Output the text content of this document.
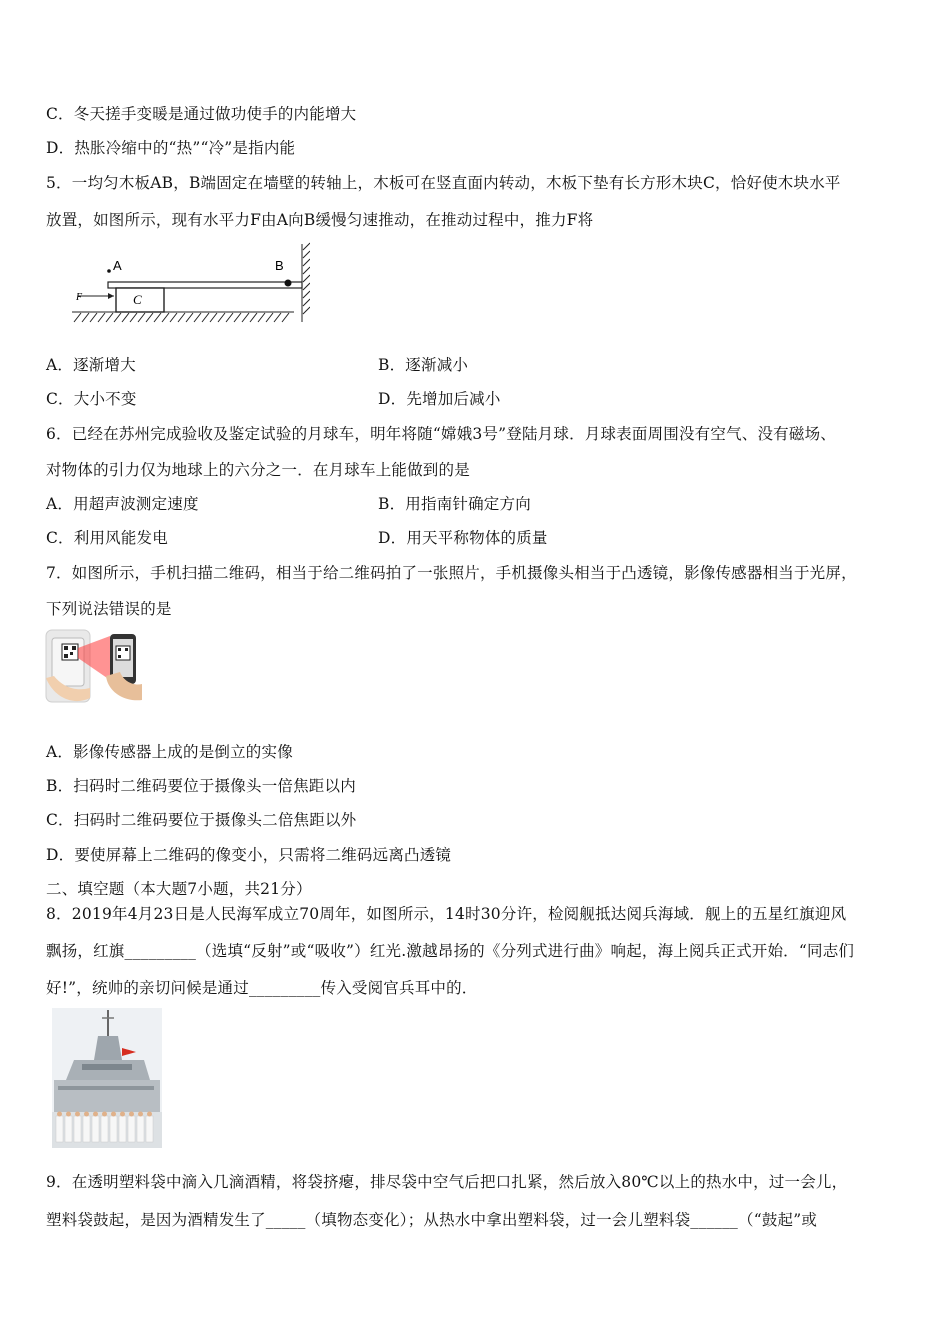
C．冬天搓手变暖是通过做功使手的内能增大
D．热胀冷缩中的“热”“冷”是指内能
5．一均匀木板AB，B端固定在墙壁的转轴上，木板可在竖直面内转动，木板下垫有长方形木块C，恰好使木块水平
放置，如图所示，现有水平力F由A向B缓慢匀速推动，在推动过程中，推力F将
A	B
C
F
A．逐渐增大	B．逐渐减小
C．大小不变	D．先增加后减小
6．已经在苏州完成验收及鉴定试验的月球车，明年将随“嫦娥3号”登陆月球．月球表面周围没有空气、没有磁场、
对物体的引力仅为地球上的六分之一．在月球车上能做到的是
A．用超声波测定速度	B．用指南针确定方向
C．利用风能发电	D．用天平称物体的质量
7．如图所示，手机扫描二维码，相当于给二维码拍了一张照片，手机摄像头相当于凸透镜，影像传感器相当于光屏，
下列说法错误的是
A．影像传感器上成的是倒立的实像
B．扫码时二维码要位于摄像头一倍焦距以内
C．扫码时二维码要位于摄像头二倍焦距以外
D．要使屏幕上二维码的像变小，只需将二维码远离凸透镜
二、填空题（本大题7小题，共21分）
8．2019年4月23日是人民海军成立70周年，如图所示，14时30分许，检阅舰抵达阅兵海域．舰上的五星红旗迎风
飘扬，红旗_________（选填“反射”或“吸收”）红光.激越昂扬的《分列式进行曲》响起，海上阅兵正式开始．“同志们
好!”，统帅的亲切问候是通过_________传入受阅官兵耳中的．
9．在透明塑料袋中滴入几滴酒精，将袋挤瘪，排尽袋中空气后把口扎紧，然后放入80℃以上的热水中，过一会儿，
塑料袋鼓起，是因为酒精发生了_____（填物态变化）；从热水中拿出塑料袋，过一会儿塑料袋______（“鼓起”或
